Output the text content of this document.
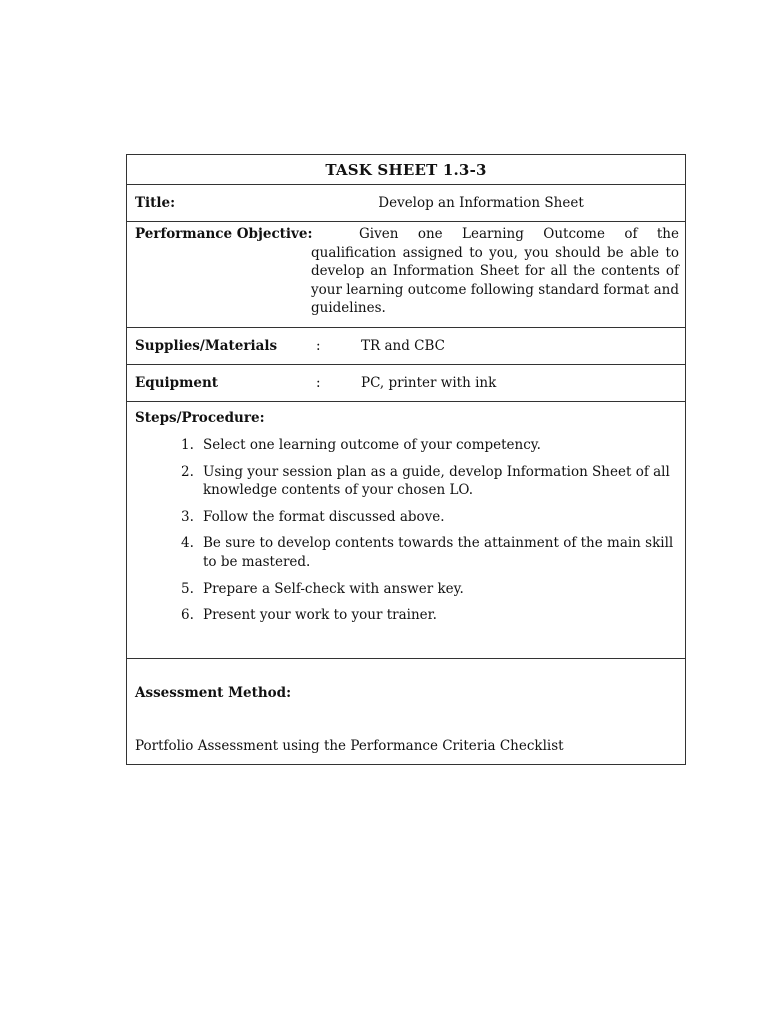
TASK SHEET 1.3-3
Title:	Develop an Information Sheet
Performance Objective:	Given one Learning Outcome of the qualification assigned to you, you should be able to develop an Information Sheet for all the contents of your learning outcome following standard format and guidelines.
Supplies/Materials	:	TR and CBC
Equipment	:	PC, printer with ink
Steps/Procedure:
1. Select one learning outcome of your competency.
2. Using your session plan as a guide, develop Information Sheet of all knowledge contents of your chosen LO.
3. Follow the format discussed above.
4. Be sure to develop contents towards the attainment of the main skill to be mastered.
5. Prepare a Self-check with answer key.
6. Present your work to your trainer.
Assessment Method:
Portfolio Assessment using the Performance Criteria Checklist
